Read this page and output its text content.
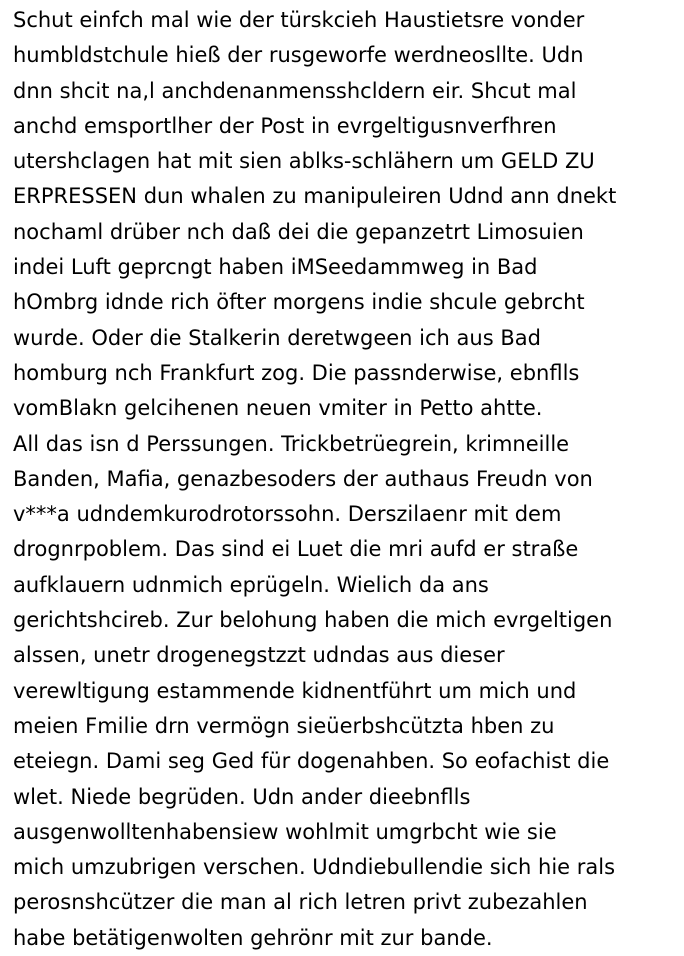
Schut einfch mal wie der türskcieh Haustietsre vonder
humbldstchule hieß der rusgeworfe werdneosllte. Udn
dnn shcit na,l anchdenanmensshcldern eir. Shcut mal
anchd emsportlher der Post in evrgeltigusnverfhren
utershclagen hat mit sien ablks-schlähern um GELD ZU
ERPRESSEN dun whalen zu manipuleiren Udnd ann dnekt
nochaml drüber nch daß dei die gepanzetrt Limosuien
indei Luft geprcngt haben iMSeedammweg in Bad
hOmbrg idnde rich öfter morgens indie shcule gebrcht
wurde. Oder die Stalkerin deretwgeen ich aus Bad
homburg nch Frankfurt zog. Die passnderwise, ebnflls
vomBlakn gelcihenen neuen vmiter in Petto ahtte.
All das isn d Perssungen. Trickbetrüegrein, krimneille
Banden, Mafia, genazbesoders der authaus Freudn von
v***a udndemkurodrotorssohn. Derszilaenr mit dem
drognrpoblem. Das sind ei Luet die mri aufd er straße
aufklauern udnmich eprügeln. Wielich da ans
gerichtshcireb. Zur belohung haben die mich evrgeltigen
alssen, unetr drogenegstzzt udndas aus dieser
verewltigung estammende kidnentführt um mich und
meien Fmilie drn vermögn sieüerbshcützta hben zu
eteiegn. Dami seg Ged für dogenahben. So eofachist die
wlet. Niede begrüden. Udn ander dieebnflls
ausgenwolltenhabensiew wohlmit umgrbcht wie sie
mich umzubrigen verschen. Udndiebullendie sich hie rals
perosnshcützer die man al rich letren privt zubezahlen
habe betätigenwolten gehrönr mit zur bande.
